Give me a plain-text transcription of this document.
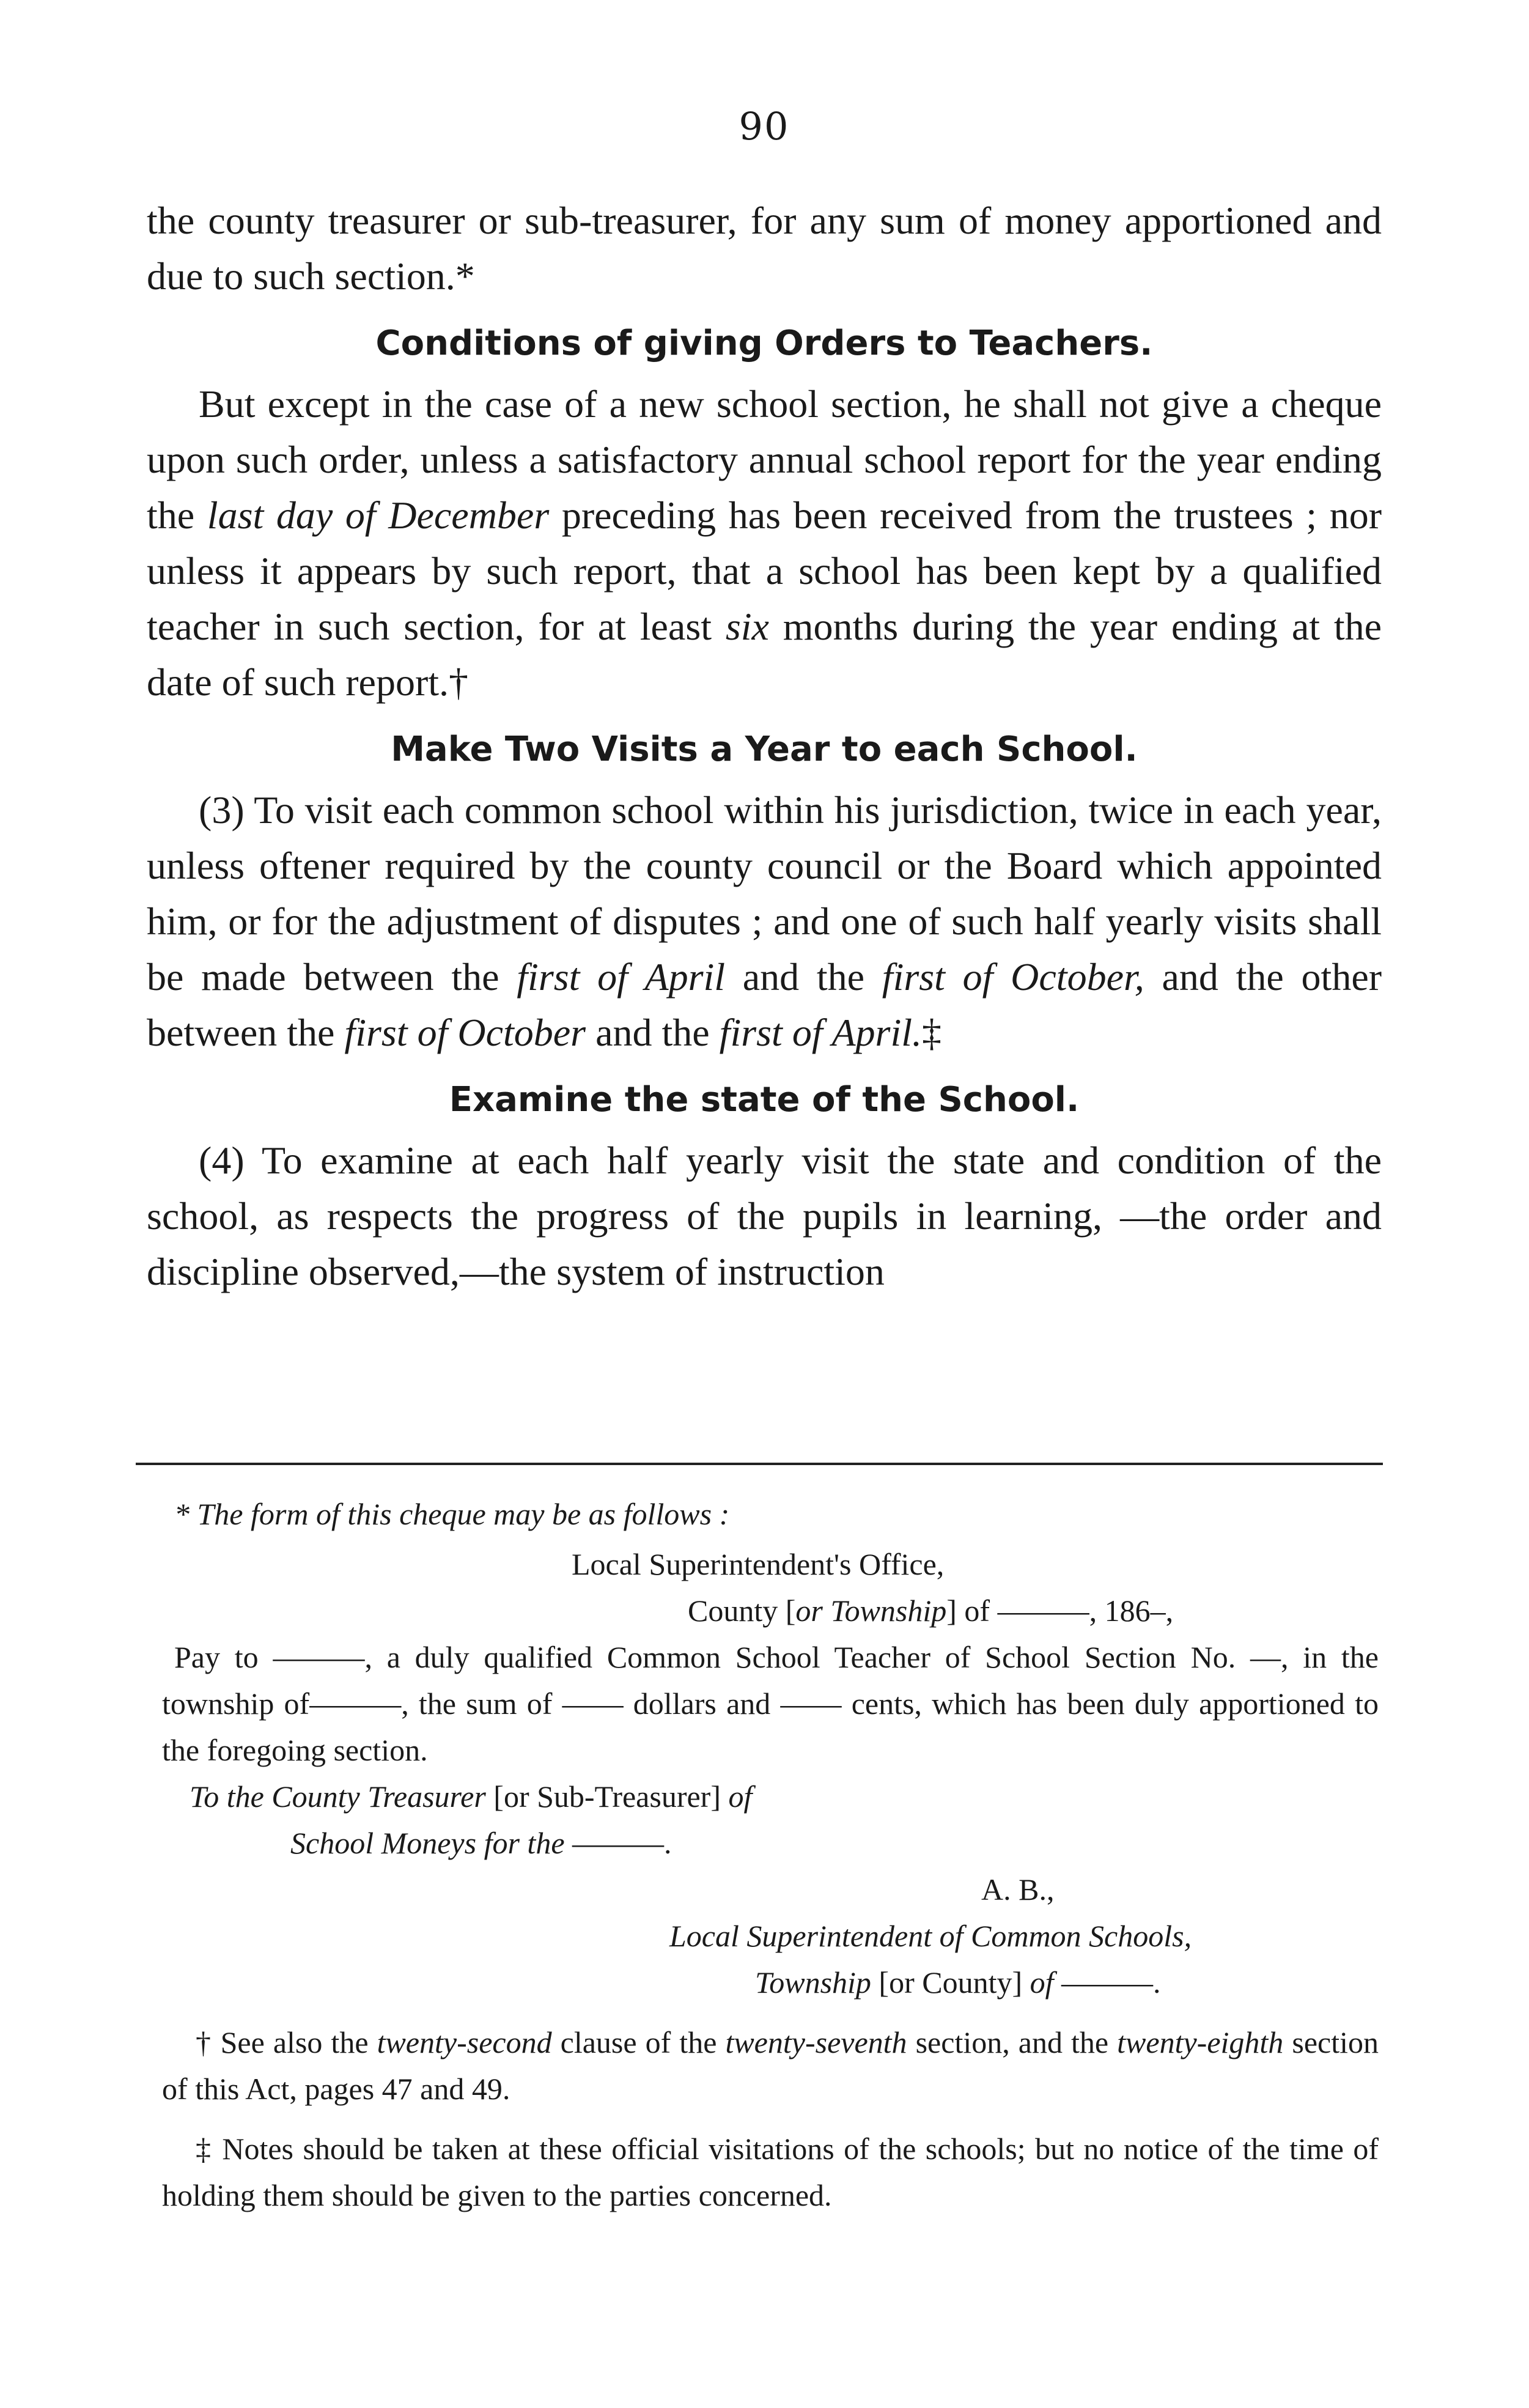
90

the county treasurer or sub-treasurer, for any sum of money apportioned and due to such section.*

Conditions of giving Orders to Teachers.

But except in the case of a new school section, he shall not give a cheque upon such order, unless a satisfactory annual school report for the year ending the last day of December preceding has been received from the trustees ; nor unless it appears by such report, that a school has been kept by a qualified teacher in such section, for at least six months during the year ending at the date of such report.†

Make Two Visits a Year to each School.

(3) To visit each common school within his jurisdiction, twice in each year, unless oftener required by the county council or the Board which appointed him, or for the adjustment of disputes ; and one of such half yearly visits shall be made between the first of April and the first of October, and the other between the first of October and the first of April.‡

Examine the state of the School.

(4) To examine at each half yearly visit the state and condition of the school, as respects the progress of the pupils in learning, —the order and discipline observed,—the system of instruction

* The form of this cheque may be as follows :

Local Superintendent's Office,

County [or Township] of ———, 186–,

Pay to ———, a duly qualified Common School Teacher of School Section No. —, in the township of———, the sum of —— dollars and —— cents, which has been duly apportioned to the foregoing section.

To the County Treasurer [or Sub-Treasurer] of

School Moneys for the ———.

A. B.,

Local Superintendent of Common Schools,

Township [or County] of ———.

† See also the twenty-second clause of the twenty-seventh section, and the twenty-eighth section of this Act, pages 47 and 49.

‡ Notes should be taken at these official visitations of the schools; but no notice of the time of holding them should be given to the parties concerned.
